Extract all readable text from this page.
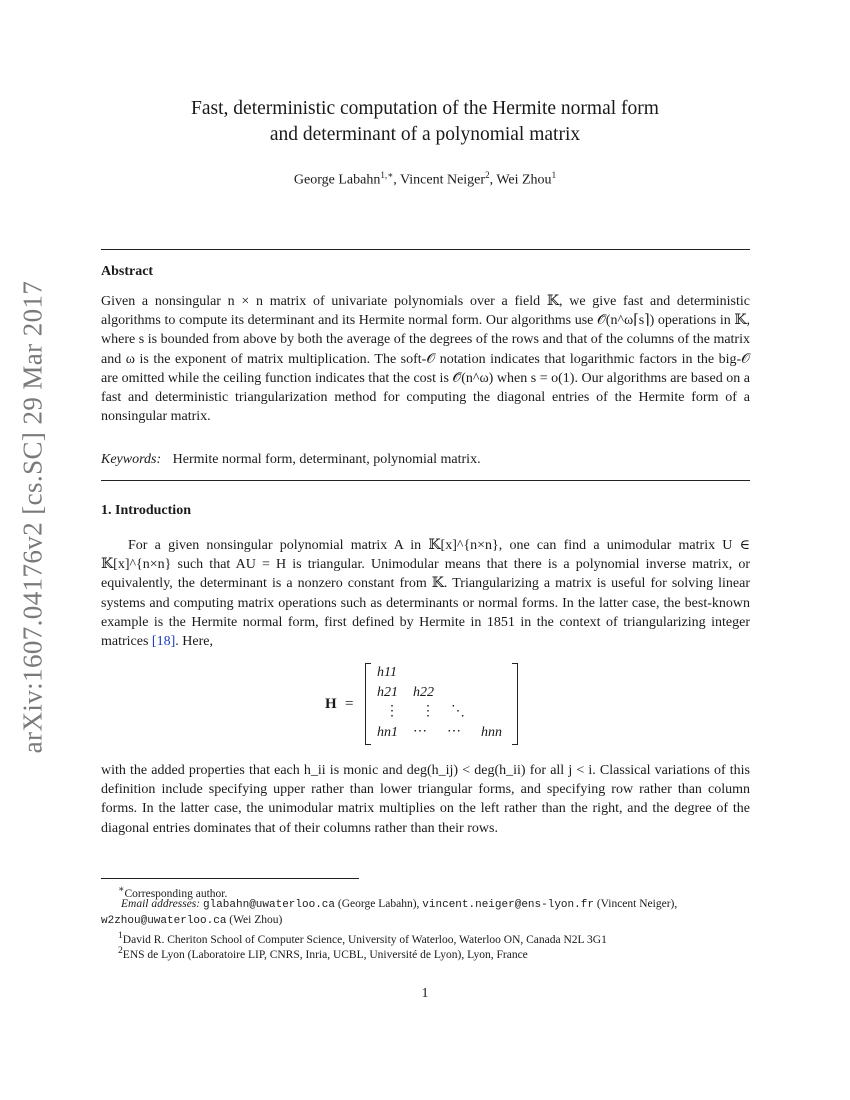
arXiv:1607.04176v2 [cs.SC] 29 Mar 2017
Fast, deterministic computation of the Hermite normal form
and determinant of a polynomial matrix
George Labahn$^{1,∗}$, Vincent Neiger$^2$, Wei Zhou$^1$
Abstract
Given a nonsingular n × n matrix of univariate polynomials over a field 𝕂, we give fast and deterministic algorithms to compute its determinant and its Hermite normal form. Our algorithms use 𝒪̃(n^ω⌈s⌉) operations in 𝕂, where s is bounded from above by both the average of the degrees of the rows and that of the columns of the matrix and ω is the exponent of matrix multiplication. The soft-𝒪 notation indicates that logarithmic factors in the big-𝒪 are omitted while the ceiling function indicates that the cost is 𝒪̃(n^ω) when s = o(1). Our algorithms are based on a fast and deterministic triangularization method for computing the diagonal entries of the Hermite form of a nonsingular matrix.
Keywords: Hermite normal form, determinant, polynomial matrix.
1. Introduction
For a given nonsingular polynomial matrix A in 𝕂[x]^{n×n}, one can find a unimodular matrix U ∈ 𝕂[x]^{n×n} such that AU = H is triangular. Unimodular means that there is a polynomial inverse matrix, or equivalently, the determinant is a nonzero constant from 𝕂. Triangularizing a matrix is useful for solving linear systems and computing matrix operations such as determinants or normal forms. In the latter case, the best-known example is the Hermite normal form, first defined by Hermite in 1851 in the context of triangularizing integer matrices [18]. Here,
H =
h11
h21 h22
⋮ ⋮ ⋱
hn1 ⋯ ⋯ hnn
with the added properties that each h_ii is monic and deg(h_ij) < deg(h_ii) for all j < i. Classical variations of this definition include specifying upper rather than lower triangular forms, and specifying row rather than column forms. In the latter case, the unimodular matrix multiplies on the left rather than the right, and the degree of the diagonal entries dominates that of their columns rather than their rows.
∗Corresponding author.
Email addresses: glabahn@uwaterloo.ca (George Labahn), vincent.neiger@ens-lyon.fr (Vincent Neiger),
w2zhou@uwaterloo.ca (Wei Zhou)
$^1$David R. Cheriton School of Computer Science, University of Waterloo, Waterloo ON, Canada N2L 3G1
$^2$ENS de Lyon (Laboratoire LIP, CNRS, Inria, UCBL, Université de Lyon), Lyon, France
1
